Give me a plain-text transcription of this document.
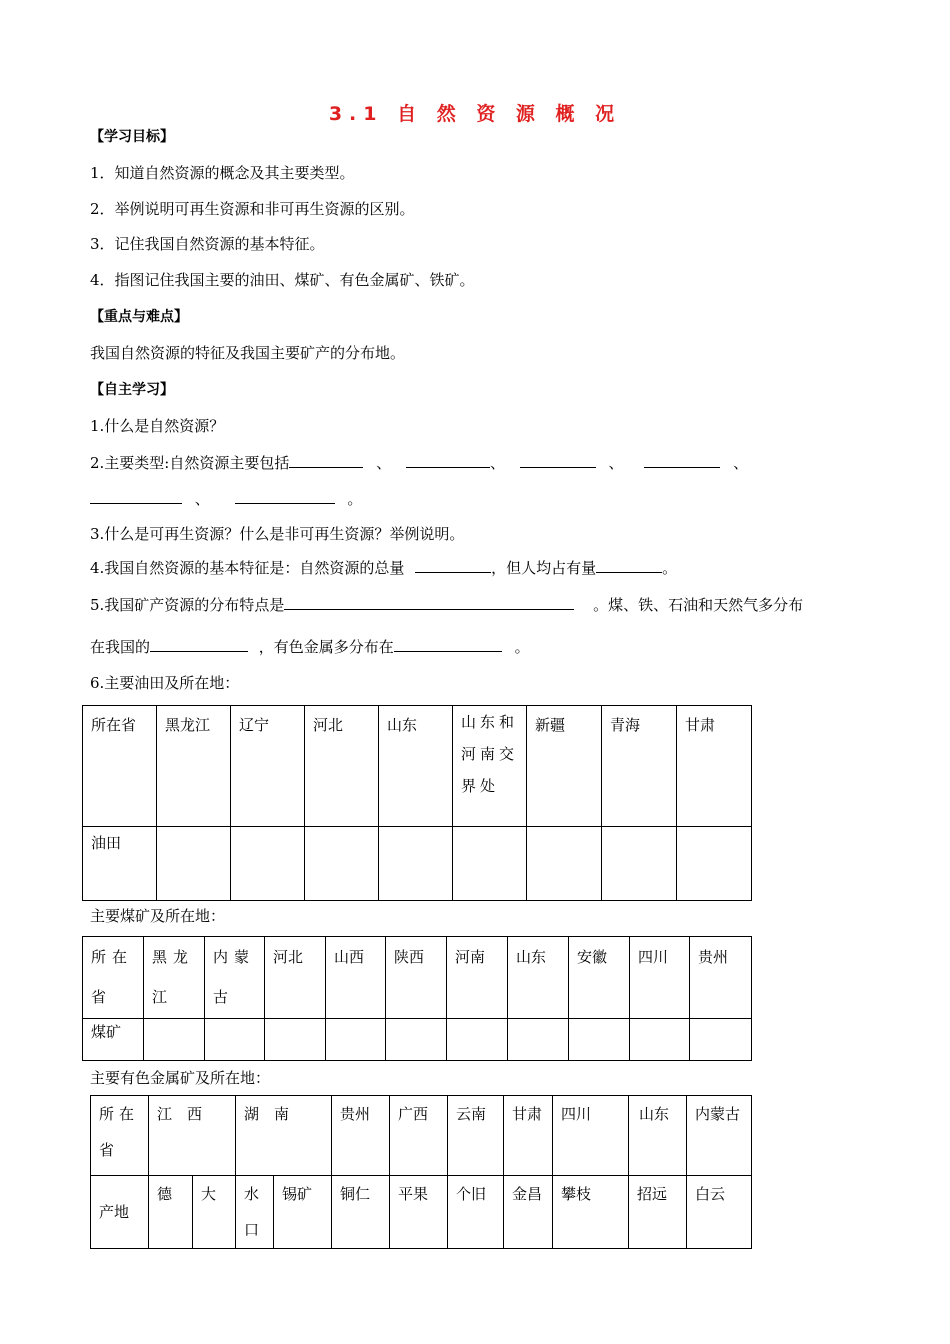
3.1 自 然 资 源 概 况
【学习目标】
1．知道自然资源的概念及其主要类型。
2．举例说明可再生资源和非可再生资源的区别。
3．记住我国自然资源的基本特征。
4．指图记住我国主要的油田、煤矿、有色金属矿、铁矿。
【重点与难点】
我国自然资源的特征及我国主要矿产的分布地。
【自主学习】
1.什么是自然资源？
2.主要类型:自然资源主要包括	、	、	、	、
、	。
3.什么是可再生资源？什么是非可再生资源？举例说明。
4.我国自然资源的基本特征是：自然资源的总量	，但人均占有量	。
5.我国矿产资源的分布特点是	。煤、铁、石油和天然气多分布
在我国的	，有色金属多分布在	。
6.主要油田及所在地：
所在省	黑龙江	辽宁	河北	山东	山东和河南交界处	新疆	青海	甘肃
油田								
主要煤矿及所在地：
所在省	黑龙江	内蒙古	河北	山西	陕西	河南	山东	安徽	四川	贵州
煤矿										
主要有色金属矿及所在地：
所在省	江　西		湖　南		贵州	广西	云南	甘肃	四川	山东	内蒙古
产地	德	大	水口	锡矿	铜仁	平果	个旧	金昌	攀枝	招远	白云
